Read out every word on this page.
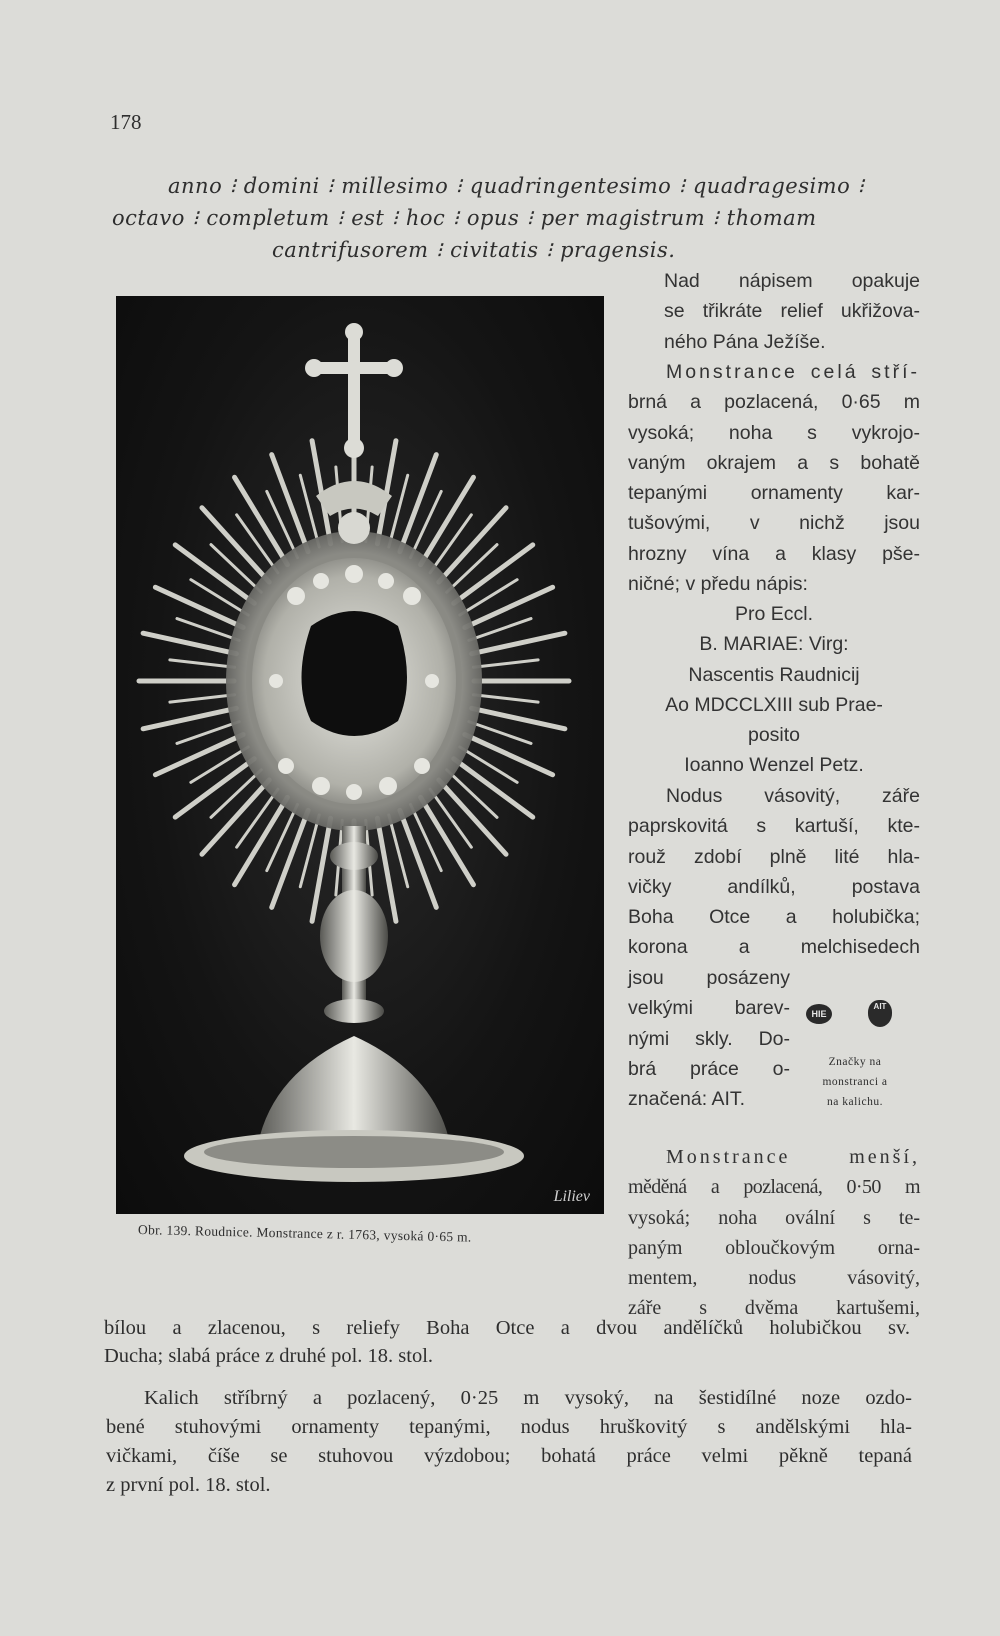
178
anno ⁝ domini ⁝ millesimo ⁝ quadringentesimo ⁝ quadragesimo ⁝
octavo ⁝ completum ⁝ est ⁝ hoc ⁝ opus ⁝ per magistrum ⁝ thomam
cantrifusorem ⁝ civitatis ⁝ pragensis.
Liliev
Obr. 139. Roudnice. Monstrance z r. 1763, vysoká 0·65 m.

Nad nápisem opakuje

se třikráte relief ukřižova-

ného Pána Ježíše.

Monstrance celá stří-

brná a pozlacená, 0·65 m

vysoká; noha s vykrojo-

vaným okrajem a s bohatě

tepanými ornamenty kar-

tušovými, v nichž jsou

hrozny vína a klasy pše-

ničné; v předu nápis:

Pro Eccl.

B. MARIAE: Virg:

Nascentis Raudnicij

Ao MDCCLXIII sub Prae-

posito

Ioanno Wenzel Petz.

Nodus vásovitý, záře

paprskovitá s kartuší, kte-

rouž zdobí plně lité hla-

vičky andílků, postava

Boha Otce a holubička;

korona a melchisedech

jsou posázeny

velkými barev-

nými skly. Do-

brá práce o-

značená: AIT.

HIE
AIT
Značky na
monstranci a
na kalichu.

Monstrance menší,

měděná a pozlacená, 0·50 m

vysoká; noha ovální s te-

paným obloučkovým orna-

mentem, nodus vásovitý,

záře s dvěma kartušemi,

bílou a zlacenou, s reliefy Boha Otce a dvou andělíčků holubičkou sv.

Ducha; slabá práce z druhé pol. 18. stol.

Kalich stříbrný a pozlacený, 0·25 m vysoký, na šestidílné noze ozdo-

bené stuhovými ornamenty tepanými, nodus hruškovitý s andělskými hla-

vičkami, číše se stuhovou výzdobou; bohatá práce velmi pěkně tepaná

z první pol. 18. stol.
